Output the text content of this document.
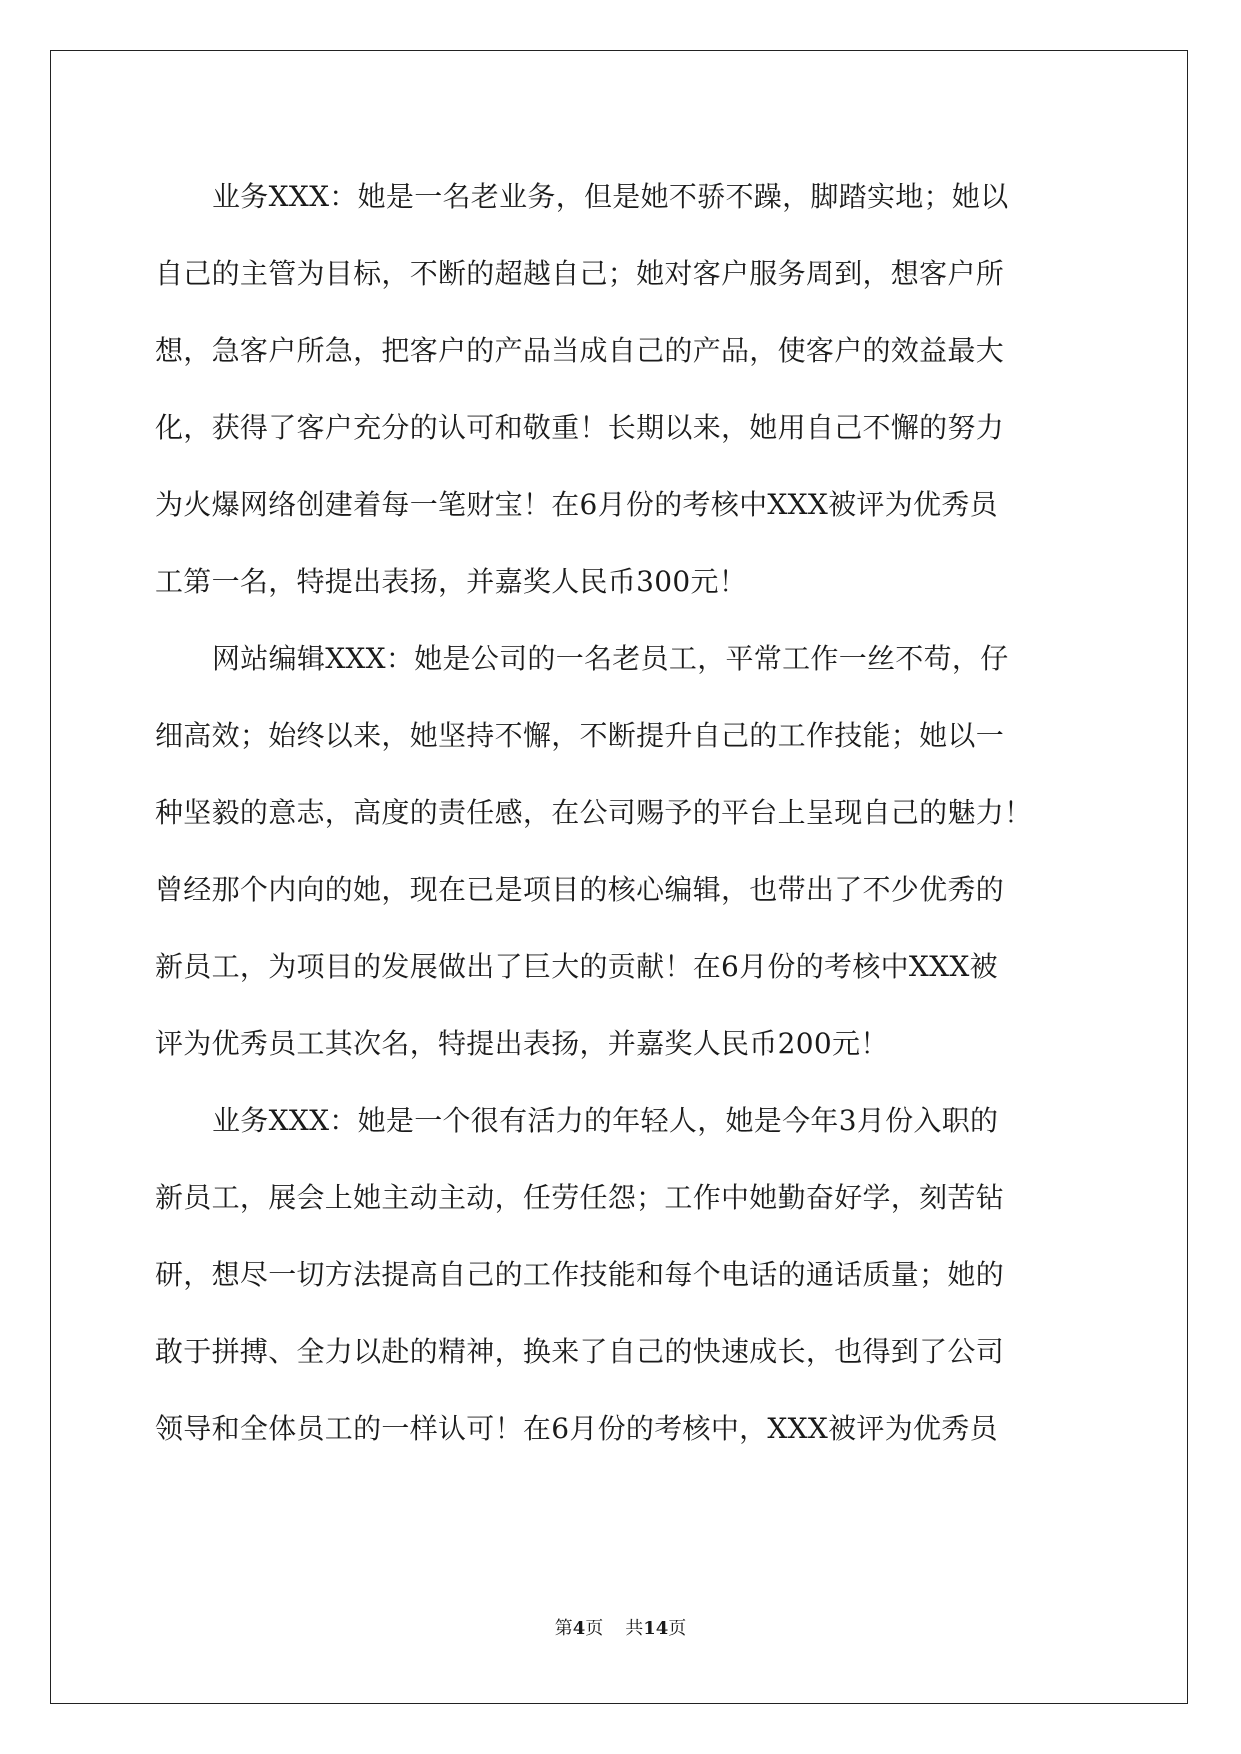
业务XXX：她是一名老业务，但是她不骄不躁，脚踏实地；她以
自己的主管为目标，不断的超越自己；她对客户服务周到，想客户所
想，急客户所急，把客户的产品当成自己的产品，使客户的效益最大
化，获得了客户充分的认可和敬重！长期以来，她用自己不懈的努力
为火爆网络创建着每一笔财宝！在6月份的考核中XXX被评为优秀员
工第一名，特提出表扬，并嘉奖人民币300元！
网站编辑XXX：她是公司的一名老员工，平常工作一丝不苟，仔
细高效；始终以来，她坚持不懈，不断提升自己的工作技能；她以一
种坚毅的意志，高度的责任感，在公司赐予的平台上呈现自己的魅力！
曾经那个内向的她，现在已是项目的核心编辑，也带出了不少优秀的
新员工，为项目的发展做出了巨大的贡献！在6月份的考核中XXX被
评为优秀员工其次名，特提出表扬，并嘉奖人民币200元！
业务XXX：她是一个很有活力的年轻人，她是今年3月份入职的
新员工，展会上她主动主动，任劳任怨；工作中她勤奋好学，刻苦钻
研，想尽一切方法提高自己的工作技能和每个电话的通话质量；她的
敢于拼搏、全力以赴的精神，换来了自己的快速成长，也得到了公司
领导和全体员工的一样认可！在6月份的考核中，XXX被评为优秀员
第4页 共14页
